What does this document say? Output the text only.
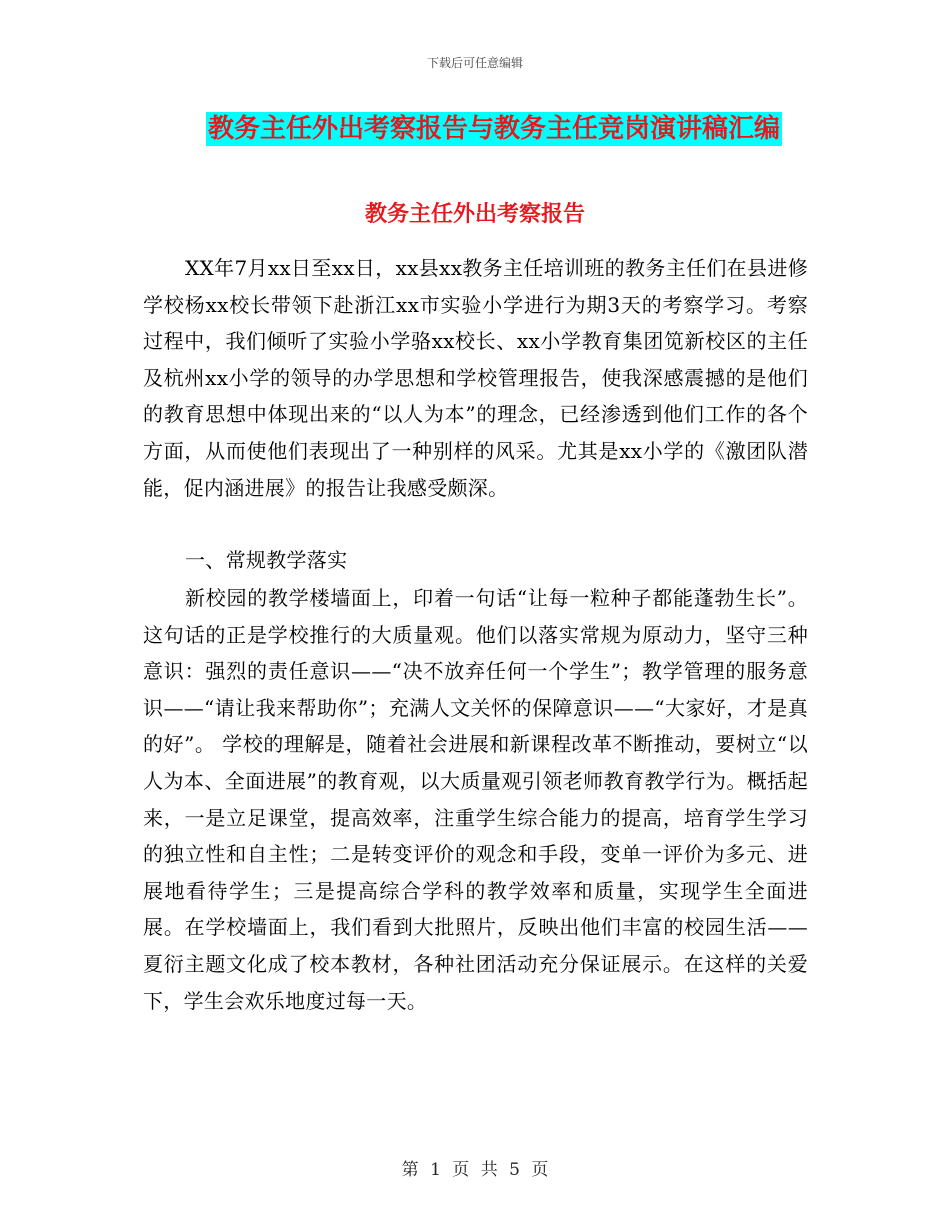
下载后可任意编辑
教务主任外出考察报告与教务主任竞岗演讲稿汇编
教务主任外出考察报告

XX年7月xx日至xx日，xx县xx教务主任培训班的教务主任们在县进修学校杨xx校长带领下赴浙江xx市实验小学进行为期3天的考察学习。考察过程中，我们倾听了实验小学骆xx校长、xx小学教育集团笕新校区的主任及杭州xx小学的领导的办学思想和学校管理报告，使我深感震撼的是他们的教育思想中体现出来的“以人为本”的理念，已经渗透到他们工作的各个方面，从而使他们表现出了一种别样的风采。尤其是xx小学的《激团队潜能，促内涵进展》的报告让我感受颇深。

一、常规教学落实

新校园的教学楼墙面上，印着一句话“让每一粒种子都能蓬勃生长”。这句话的正是学校推行的大质量观。他们以落实常规为原动力，坚守三种意识：强烈的责任意识——“决不放弃任何一个学生”；教学管理的服务意识——“请让我来帮助你”；充满人文关怀的保障意识——“大家好，才是真的好”。 学校的理解是，随着社会进展和新课程改革不断推动，要树立“以人为本、全面进展”的教育观，以大质量观引领老师教育教学行为。概括起来，一是立足课堂，提高效率，注重学生综合能力的提高，培育学生学习的独立性和自主性；二是转变评价的观念和手段，变单一评价为多元、进展地看待学生；三是提高综合学科的教学效率和质量，实现学生全面进展。在学校墙面上，我们看到大批照片，反映出他们丰富的校园生活——夏衍主题文化成了校本教材，各种社团活动充分保证展示。在这样的关爱下，学生会欢乐地度过每一天。

第 1 页 共 5 页
